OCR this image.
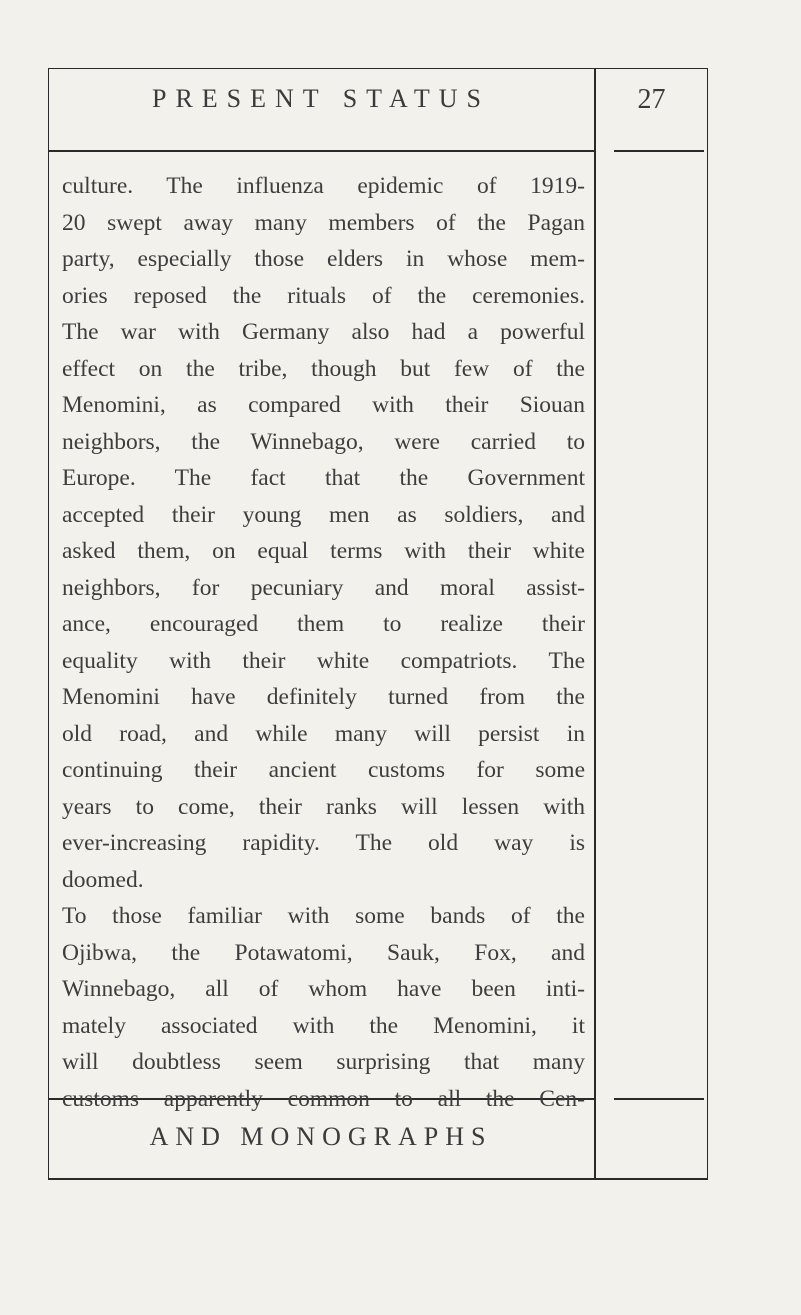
PRESENT STATUS	27
culture. The influenza epidemic of 1919-
20 swept away many members of the Pagan
party, especially those elders in whose mem-
ories reposed the rituals of the ceremonies.
The war with Germany also had a powerful
effect on the tribe, though but few of the
Menomini, as compared with their Siouan
neighbors, the Winnebago, were carried to
Europe. The fact that the Government
accepted their young men as soldiers, and
asked them, on equal terms with their white
neighbors, for pecuniary and moral assist-
ance, encouraged them to realize their
equality with their white compatriots. The
Menomini have definitely turned from the
old road, and while many will persist in
continuing their ancient customs for some
years to come, their ranks will lessen with
ever-increasing rapidity. The old way is
doomed.
To those familiar with some bands of the
Ojibwa, the Potawatomi, Sauk, Fox, and
Winnebago, all of whom have been inti-
mately associated with the Menomini, it
will doubtless seem surprising that many
customs apparently common to all the Cen-
AND MONOGRAPHS
